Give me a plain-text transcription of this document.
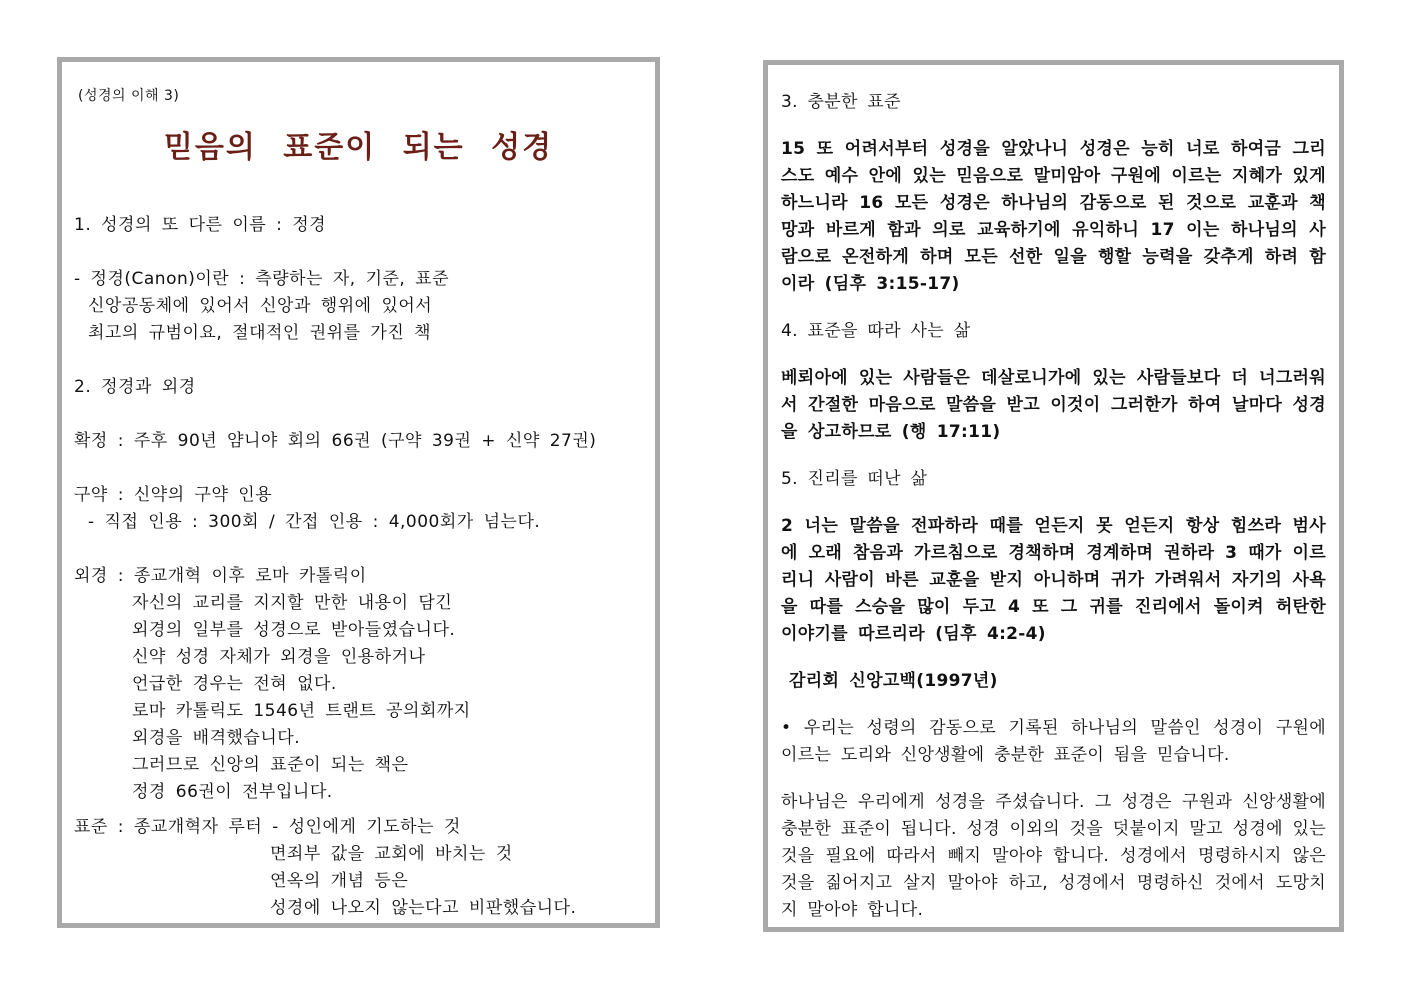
(성경의 이해 3)
믿음의 표준이 되는 성경
1. 성경의 또 다른 이름 : 정경
- 정경(Canon)이란 : 측량하는 자, 기준, 표준
신앙공동체에 있어서 신앙과 행위에 있어서
최고의 규범이요, 절대적인 권위를 가진 책
2. 정경과 외경
확정 : 주후 90년 얌니야 회의 66권 (구약 39권 + 신약 27권)
구약 : 신약의 구약 인용
- 직접 인용 : 300회 / 간접 인용 : 4,000회가 넘는다.
외경 : 종교개혁 이후 로마 카톨릭이
자신의 교리를 지지할 만한 내용이 담긴
외경의 일부를 성경으로 받아들였습니다.
신약 성경 자체가 외경을 인용하거나
언급한 경우는 전혀 없다.
로마 카톨릭도 1546년 트랜트 공의회까지
외경을 배격했습니다.
그러므로 신앙의 표준이 되는 책은
정경 66권이 전부입니다.
표준 : 종교개혁자 루터 - 성인에게 기도하는 것
면죄부 값을 교회에 바치는 것
연옥의 개념 등은
성경에 나오지 않는다고 비판했습니다.
3. 충분한 표준
15 또 어려서부터 성경을 알았나니 성경은 능히 너로 하여금 그리스도 예수 안에 있는 믿음으로 말미암아 구원에 이르는 지혜가 있게 하느니라 16 모든 성경은 하나님의 감동으로 된 것으로 교훈과 책망과 바르게 함과 의로 교육하기에 유익하니 17 이는 하나님의 사람으로 온전하게 하며 모든 선한 일을 행할 능력을 갖추게 하려 함이라 (딤후 3:15-17)
4. 표준을 따라 사는 삶
베뢰아에 있는 사람들은 데살로니가에 있는 사람들보다 더 너그러워서 간절한 마음으로 말씀을 받고 이것이 그러한가 하여 날마다 성경을 상고하므로 (행 17:11)
5. 진리를 떠난 삶
2 너는 말씀을 전파하라 때를 얻든지 못 얻든지 항상 힘쓰라 범사에 오래 참음과 가르침으로 경책하며 경계하며 권하라 3 때가 이르리니 사람이 바른 교훈을 받지 아니하며 귀가 가려워서 자기의 사욕을 따를 스승을 많이 두고 4 또 그 귀를 진리에서 돌이켜 허탄한 이야기를 따르리라 (딤후 4:2-4)
감리회 신앙고백(1997년)
• 우리는 성령의 감동으로 기록된 하나님의 말씀인 성경이 구원에 이르는 도리와 신앙생활에 충분한 표준이 됨을 믿습니다.
하나님은 우리에게 성경을 주셨습니다. 그 성경은 구원과 신앙생활에 충분한 표준이 됩니다. 성경 이외의 것을 덧붙이지 말고 성경에 있는 것을 필요에 따라서 빼지 말아야 합니다. 성경에서 명령하시지 않은 것을 짊어지고 살지 말아야 하고, 성경에서 명령하신 것에서 도망치지 말아야 합니다.
